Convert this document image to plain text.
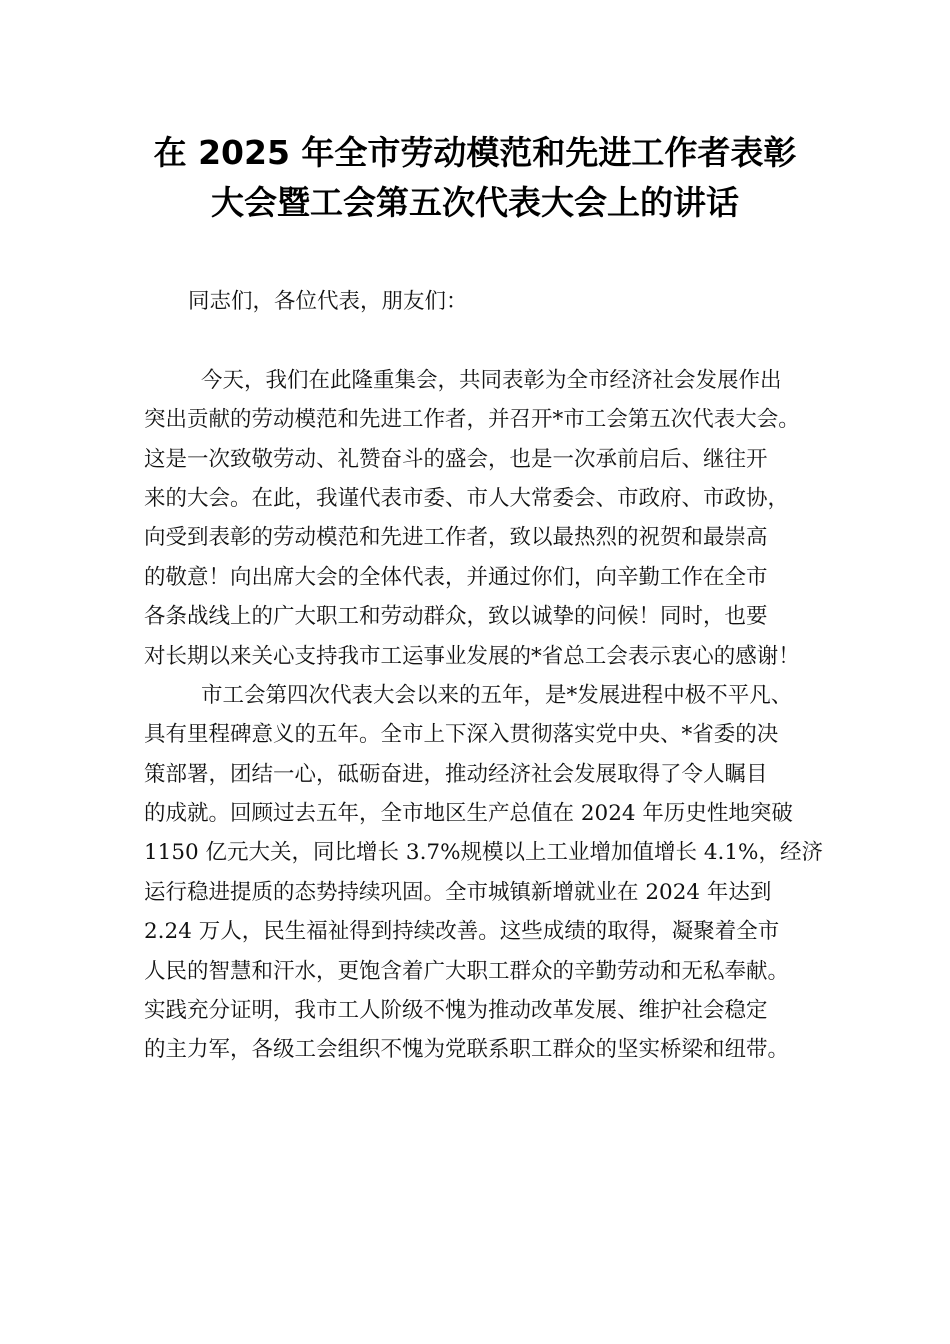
在 2025 年全市劳动模范和先进工作者表彰
大会暨工会第五次代表大会上的讲话
同志们，各位代表，朋友们：
今天，我们在此隆重集会，共同表彰为全市经济社会发展作出
突出贡献的劳动模范和先进工作者，并召开*市工会第五次代表大会。
这是一次致敬劳动、礼赞奋斗的盛会，也是一次承前启后、继往开
来的大会。在此，我谨代表市委、市人大常委会、市政府、市政协，
向受到表彰的劳动模范和先进工作者，致以最热烈的祝贺和最崇高
的敬意！向出席大会的全体代表，并通过你们，向辛勤工作在全市
各条战线上的广大职工和劳动群众，致以诚挚的问候！同时，也要
对长期以来关心支持我市工运事业发展的*省总工会表示衷心的感谢！
市工会第四次代表大会以来的五年，是*发展进程中极不平凡、
具有里程碑意义的五年。全市上下深入贯彻落实党中央、*省委的决
策部署，团结一心，砥砺奋进，推动经济社会发展取得了令人瞩目
的成就。回顾过去五年，全市地区生产总值在 2024 年历史性地突破
1150 亿元大关，同比增长 3.7%规模以上工业增加值增长 4.1%，经济
运行稳进提质的态势持续巩固。全市城镇新增就业在 2024 年达到
2.24 万人，民生福祉得到持续改善。这些成绩的取得，凝聚着全市
人民的智慧和汗水，更饱含着广大职工群众的辛勤劳动和无私奉献。
实践充分证明，我市工人阶级不愧为推动改革发展、维护社会稳定
的主力军，各级工会组织不愧为党联系职工群众的坚实桥梁和纽带。
